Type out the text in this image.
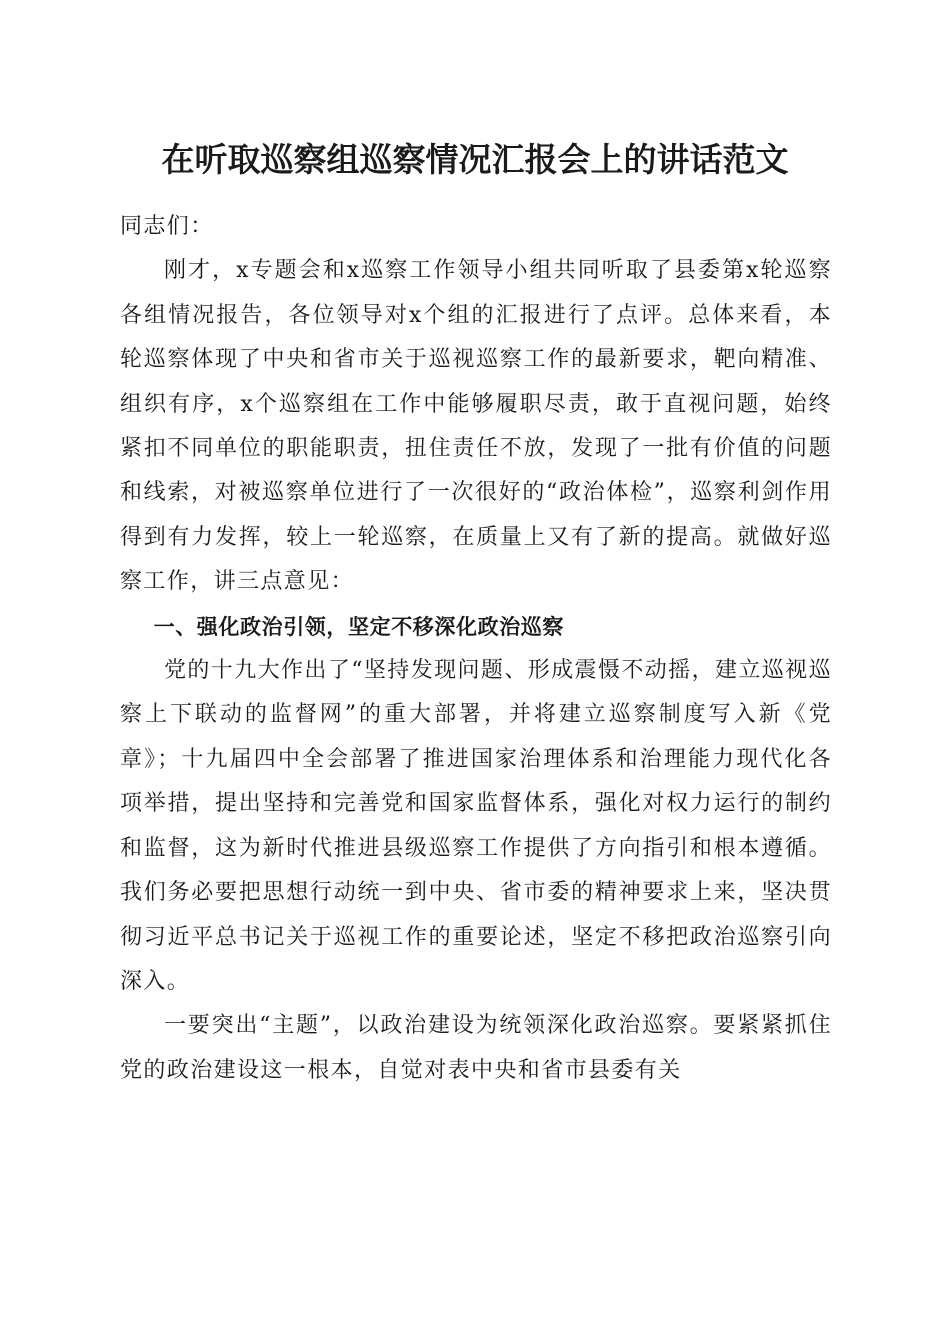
在听取巡察组巡察情况汇报会上的讲话范文

同志们：

刚才，x专题会和x巡察工作领导小组共同听取了县委第x轮巡察各组情况报告，各位领导对x个组的汇报进行了点评。总体来看，本轮巡察体现了中央和省市关于巡视巡察工作的最新要求，靶向精准、组织有序，x个巡察组在工作中能够履职尽责，敢于直视问题，始终紧扣不同单位的职能职责，扭住责任不放，发现了一批有价值的问题和线索，对被巡察单位进行了一次很好的“政治体检”，巡察利剑作用得到有力发挥，较上一轮巡察，在质量上又有了新的提高。就做好巡察工作，讲三点意见：

一、强化政治引领，坚定不移深化政治巡察

党的十九大作出了“坚持发现问题、形成震慑不动摇，建立巡视巡察上下联动的监督网”的重大部署，并将建立巡察制度写入新《党章》；十九届四中全会部署了推进国家治理体系和治理能力现代化各项举措，提出坚持和完善党和国家监督体系，强化对权力运行的制约和监督，这为新时代推进县级巡察工作提供了方向指引和根本遵循。我们务必要把思想行动统一到中央、省市委的精神要求上来，坚决贯彻习近平总书记关于巡视工作的重要论述，坚定不移把政治巡察引向深入。

一要突出“主题”，以政治建设为统领深化政治巡察。要紧紧抓住党的政治建设这一根本，自觉对表中央和省市县委有关
